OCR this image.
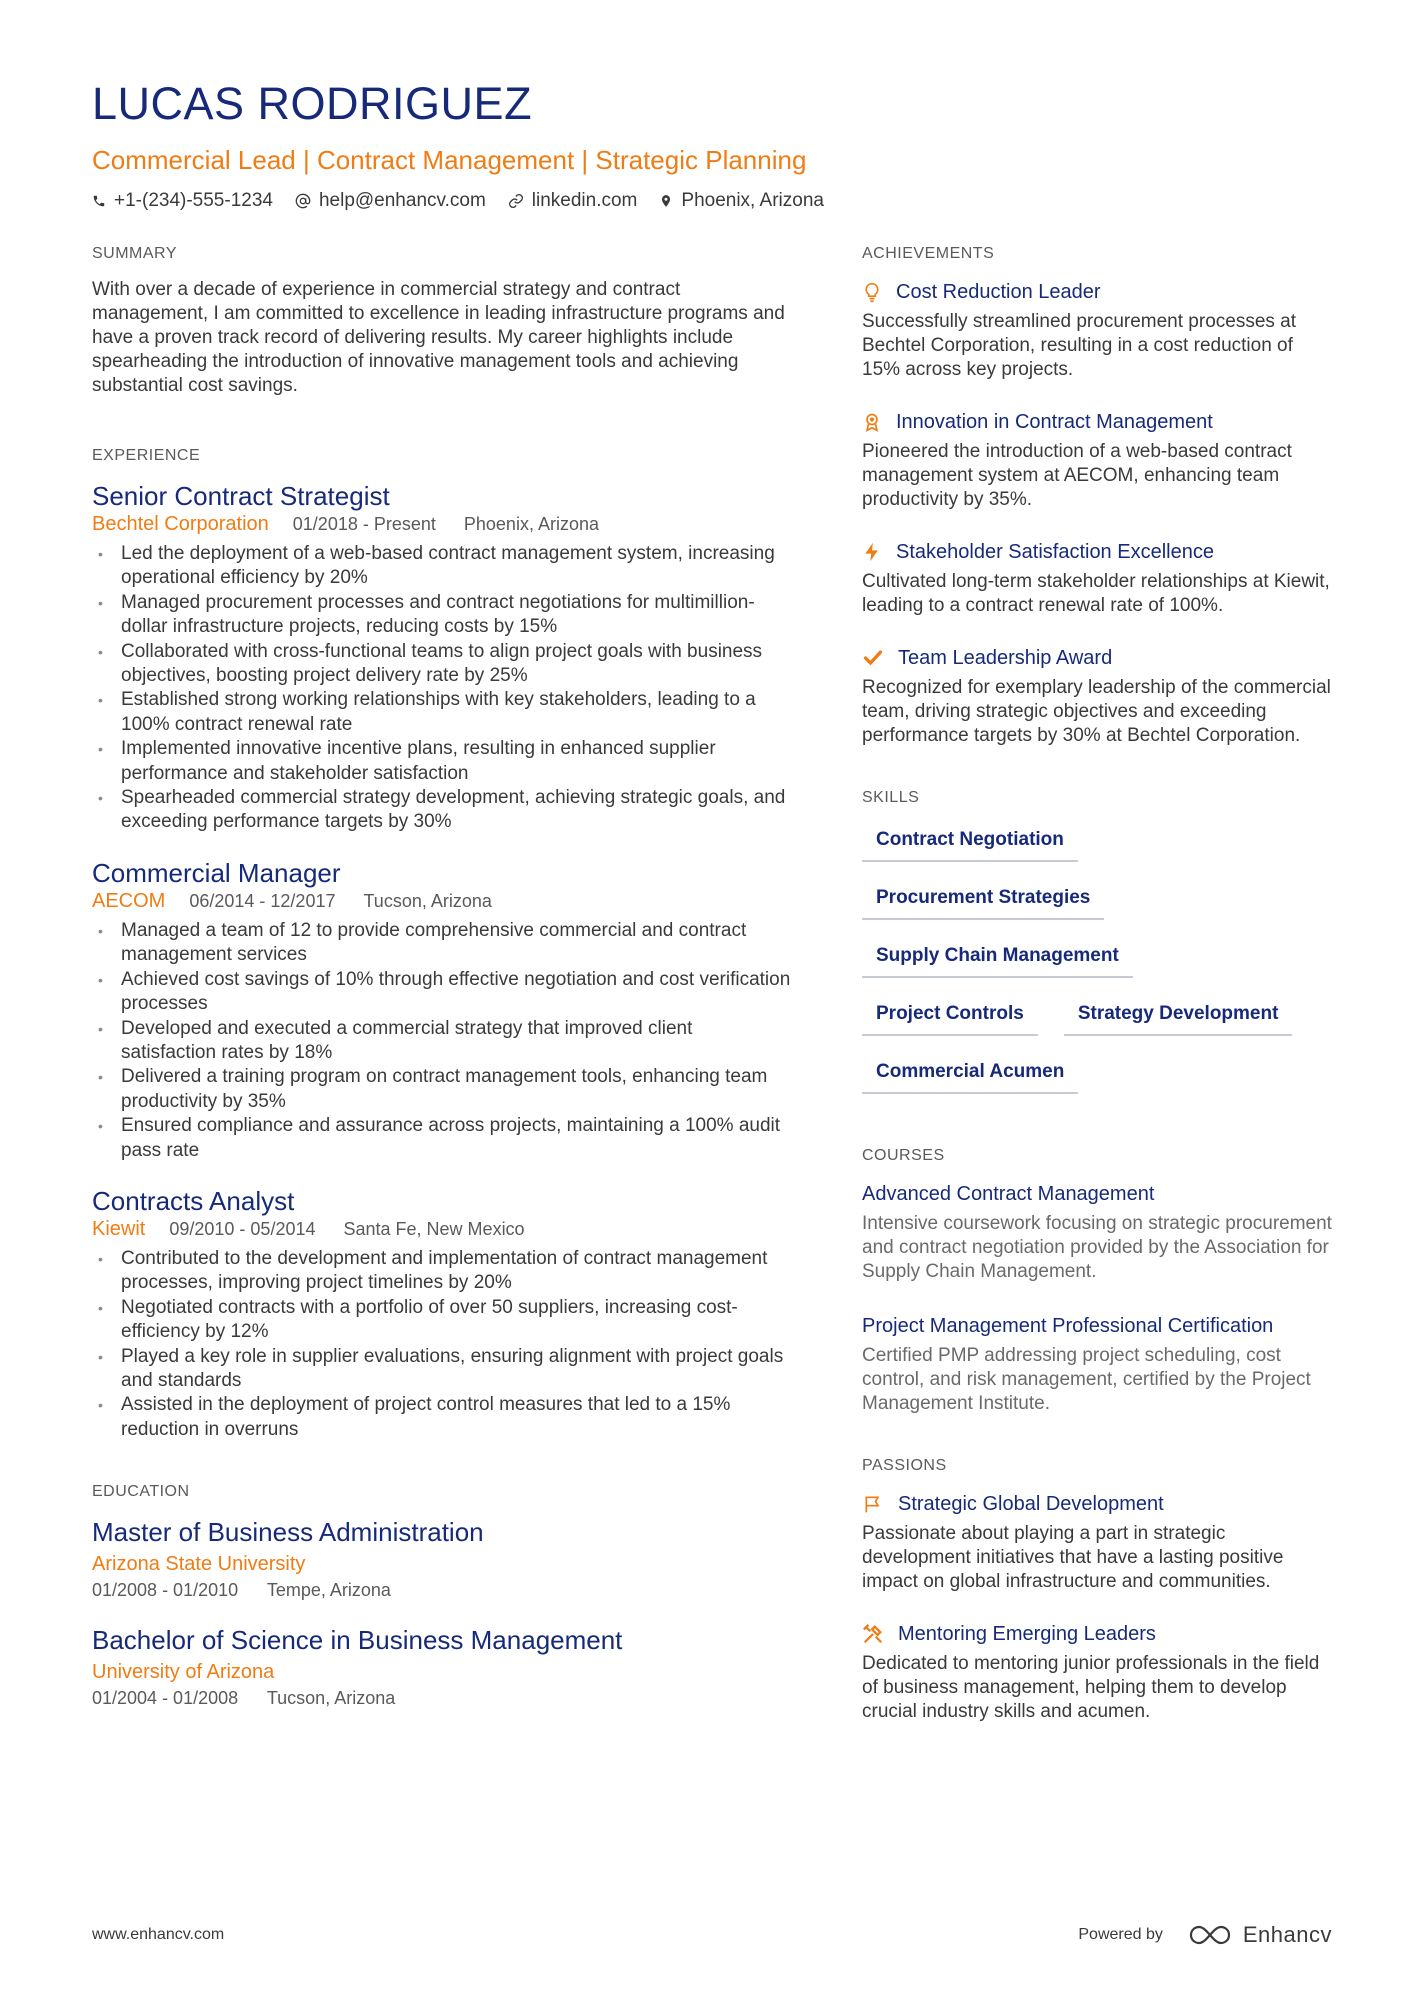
LUCAS RODRIGUEZ
Commercial Lead | Contract Management | Strategic Planning
+1-(234)-555-1234 help@enhancv.com linkedin.com Phoenix, Arizona
SUMMARY
With over a decade of experience in commercial strategy and contract management, I am committed to excellence in leading infrastructure programs and have a proven track record of delivering results. My career highlights include spearheading the introduction of innovative management tools and achieving substantial cost savings.
EXPERIENCE
Senior Contract Strategist
Bechtel Corporation 01/2018 - Present Phoenix, Arizona
• Led the deployment of a web-based contract management system, increasing operational efficiency by 20%
• Managed procurement processes and contract negotiations for multimillion-dollar infrastructure projects, reducing costs by 15%
• Collaborated with cross-functional teams to align project goals with business objectives, boosting project delivery rate by 25%
• Established strong working relationships with key stakeholders, leading to a 100% contract renewal rate
• Implemented innovative incentive plans, resulting in enhanced supplier performance and stakeholder satisfaction
• Spearheaded commercial strategy development, achieving strategic goals, and exceeding performance targets by 30%
Commercial Manager
AECOM 06/2014 - 12/2017 Tucson, Arizona
• Managed a team of 12 to provide comprehensive commercial and contract management services
• Achieved cost savings of 10% through effective negotiation and cost verification processes
• Developed and executed a commercial strategy that improved client satisfaction rates by 18%
• Delivered a training program on contract management tools, enhancing team productivity by 35%
• Ensured compliance and assurance across projects, maintaining a 100% audit pass rate
Contracts Analyst
Kiewit 09/2010 - 05/2014 Santa Fe, New Mexico
• Contributed to the development and implementation of contract management processes, improving project timelines by 20%
• Negotiated contracts with a portfolio of over 50 suppliers, increasing cost-efficiency by 12%
• Played a key role in supplier evaluations, ensuring alignment with project goals and standards
• Assisted in the deployment of project control measures that led to a 15% reduction in overruns
EDUCATION
Master of Business Administration
Arizona State University
01/2008 - 01/2010 Tempe, Arizona
Bachelor of Science in Business Management
University of Arizona
01/2004 - 01/2008 Tucson, Arizona
ACHIEVEMENTS
Cost Reduction Leader
Successfully streamlined procurement processes at Bechtel Corporation, resulting in a cost reduction of 15% across key projects.
Innovation in Contract Management
Pioneered the introduction of a web-based contract management system at AECOM, enhancing team productivity by 35%.
Stakeholder Satisfaction Excellence
Cultivated long-term stakeholder relationships at Kiewit, leading to a contract renewal rate of 100%.
Team Leadership Award
Recognized for exemplary leadership of the commercial team, driving strategic objectives and exceeding performance targets by 30% at Bechtel Corporation.
SKILLS
Contract Negotiation
Procurement Strategies
Supply Chain Management
Project Controls	Strategy Development
Commercial Acumen
COURSES
Advanced Contract Management
Intensive coursework focusing on strategic procurement and contract negotiation provided by the Association for Supply Chain Management.
Project Management Professional Certification
Certified PMP addressing project scheduling, cost control, and risk management, certified by the Project Management Institute.
PASSIONS
Strategic Global Development
Passionate about playing a part in strategic development initiatives that have a lasting positive impact on global infrastructure and communities.
Mentoring Emerging Leaders
Dedicated to mentoring junior professionals in the field of business management, helping them to develop crucial industry skills and acumen.
www.enhancv.com	Powered by	Enhancv
